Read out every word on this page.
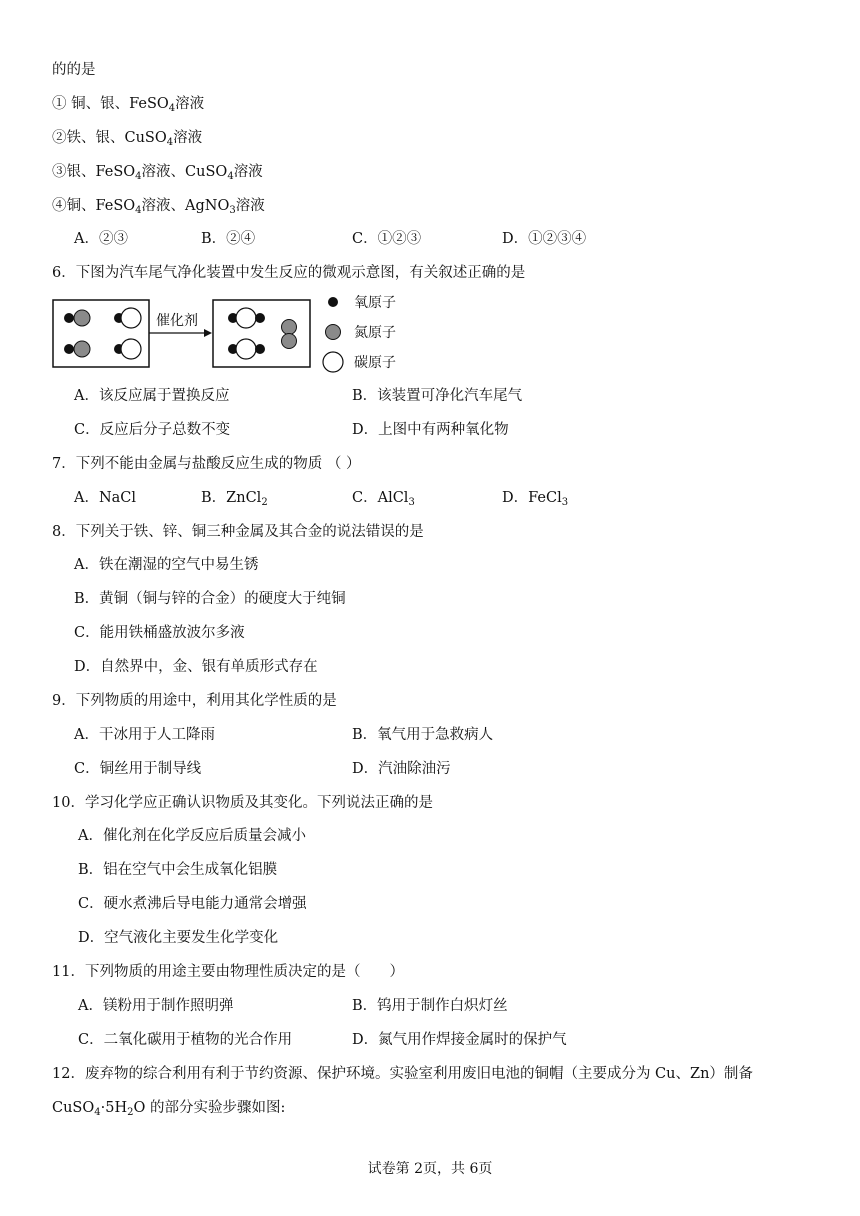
的的是
① 铜、银、FeSO$_4$溶液
②铁、银、CuSO$_4$溶液
③银、FeSO$_4$溶液、CuSO$_4$溶液
④铜、FeSO$_4$溶液、AgNO$_3$溶液
A．②③	B．②④	C．①②③	D．①②③④
6．下图为汽车尾气净化装置中发生反应的微观示意图，有关叙述正确的是
催化剂
氧原子
氮原子
碳原子
A．该反应属于置换反应	B．该装置可净化汽车尾气
C．反应后分子总数不变	D．上图中有两种氧化物
7．下列不能由金属与盐酸反应生成的物质 （ ）
A．NaCl	B．ZnCl$_2$	C．AlCl$_3$	D．FeCl$_3$
8．下列关于铁、锌、铜三种金属及其合金的说法错误的是
A．铁在潮湿的空气中易生锈
B．黄铜（铜与锌的合金）的硬度大于纯铜
C．能用铁桶盛放波尔多液
D．自然界中，金、银有单质形式存在
9．下列物质的用途中，利用其化学性质的是
A．干冰用于人工降雨	B．氧气用于急救病人
C．铜丝用于制导线	D．汽油除油污
10．学习化学应正确认识物质及其变化。下列说法正确的是
A．催化剂在化学反应后质量会减小
B．铝在空气中会生成氧化铝膜
C．硬水煮沸后导电能力通常会增强
D．空气液化主要发生化学变化
11．下列物质的用途主要由物理性质决定的是（　　）
A．镁粉用于制作照明弹	B．钨用于制作白炽灯丝
C．二氧化碳用于植物的光合作用	D．氮气用作焊接金属时的保护气
12．废弃物的综合利用有利于节约资源、保护环境。实验室利用废旧电池的铜帽（主要成分为 Cu、Zn）制备
$CuSO_4\cdot 5H_2O$ 的部分实验步骤如图:
试卷第 2页，共 6页
